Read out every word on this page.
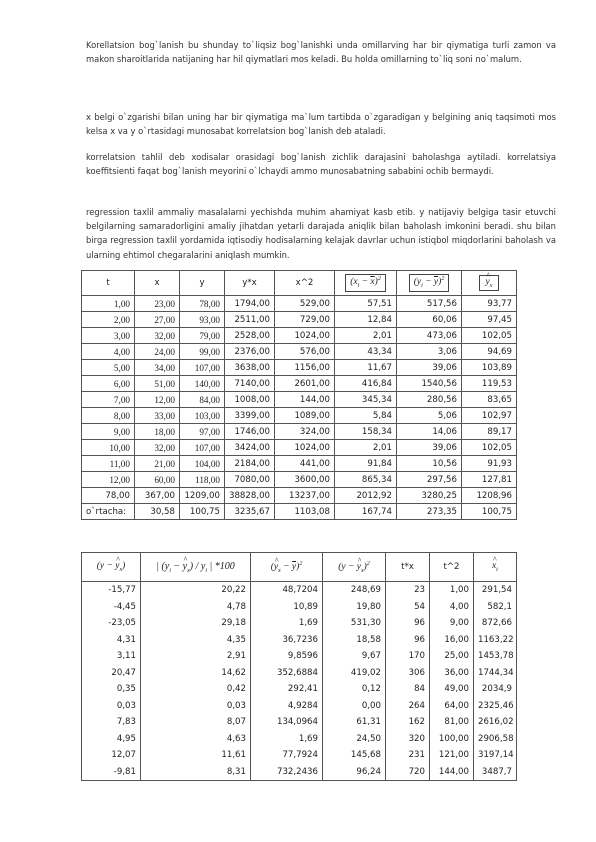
Korellatsion bog`lanish bu shunday to`liqsiz bog`lanishki unda omillarving har bir qiymatiga turli zamon va makon sharoitlarida natijaning har hil qiymatlari mos keladi. Bu holda omillarning to`liq soni no`malum.

x belgi o`zgarishi bilan uning har bir qiymatiga ma`lum tartibda o`zgaradigan y belgining aniq taqsimoti mos kelsa x va y o`rtasidagi munosabat korrelatsion bog`lanish deb ataladi.

korrelatsion tahlil deb xodisalar orasidagi bog`lanish zichlik darajasini baholashga aytiladi. korrelatsiya koeffitsienti faqat bog`lanish meyorini o`lchaydi ammo munosabatning sababini ochib bermaydi.

regression taxlil ammaliy masalalarni yechishda muhim ahamiyat kasb etib. y natijaviy belgiga tasir etuvchi belgilarning samaradorligini amaliy jihatdan yetarli darajada aniqlik bilan baholash imkonini beradi. shu bilan birga regression taxlil yordamida iqtisodiy hodisalarning kelajak davrlar uchun istiqbol miqdorlarini baholash va ularning ehtimol chegaralarini aniqlash mumkin.

t	x	y	y*x	x^2	$(x_i - \overline{x})^2$	$(y_i - \overline{y})^2$	^ $y_x$
1,00	23,00	78,00	1794,00	529,00	57,51	517,56	93,77
2,00	27,00	93,00	2511,00	729,00	12,84	60,06	97,45
3,00	32,00	79,00	2528,00	1024,00	2,01	473,06	102,05
4,00	24,00	99,00	2376,00	576,00	43,34	3,06	94,69
5,00	34,00	107,00	3638,00	1156,00	11,67	39,06	103,89
6,00	51,00	140,00	7140,00	2601,00	416,84	1540,56	119,53
7,00	12,00	84,00	1008,00	144,00	345,34	280,56	83,65
8,00	33,00	103,00	3399,00	1089,00	5,84	5,06	102,97
9,00	18,00	97,00	1746,00	324,00	158,34	14,06	89,17
10,00	32,00	107,00	3424,00	1024,00	2,01	39,06	102,05
11,00	21,00	104,00	2184,00	441,00	91,84	10,56	91,93
12,00	60,00	118,00	7080,00	3600,00	865,34	297,56	127,81
78,00	367,00	1209,00	38828,00	13237,00	2012,92	3280,25	1208,96
o`rtacha:	30,58	100,75	3235,67	1103,08	167,74	273,35	100,75
(y − ^ $y_x$)	| ($y_i$ − ^ $y_x) / y_i$ | *100	(^ $y_x - \overline{y})^2$	(y − ^ $y_x)^2$	t*x	t^2	^ $x_t$
-15,77	20,22	48,7204	248,69	23	1,00	291,54
-4,45	4,78	10,89	19,80	54	4,00	582,1
-23,05	29,18	1,69	531,30	96	9,00	872,66
4,31	4,35	36,7236	18,58	96	16,00	1163,22
3,11	2,91	9,8596	9,67	170	25,00	1453,78
20,47	14,62	352,6884	419,02	306	36,00	1744,34
0,35	0,42	292,41	0,12	84	49,00	2034,9
0,03	0,03	4,9284	0,00	264	64,00	2325,46
7,83	8,07	134,0964	61,31	162	81,00	2616,02
4,95	4,63	1,69	24,50	320	100,00	2906,58
12,07	11,61	77,7924	145,68	231	121,00	3197,14
-9,81	8,31	732,2436	96,24	720	144,00	3487,7
